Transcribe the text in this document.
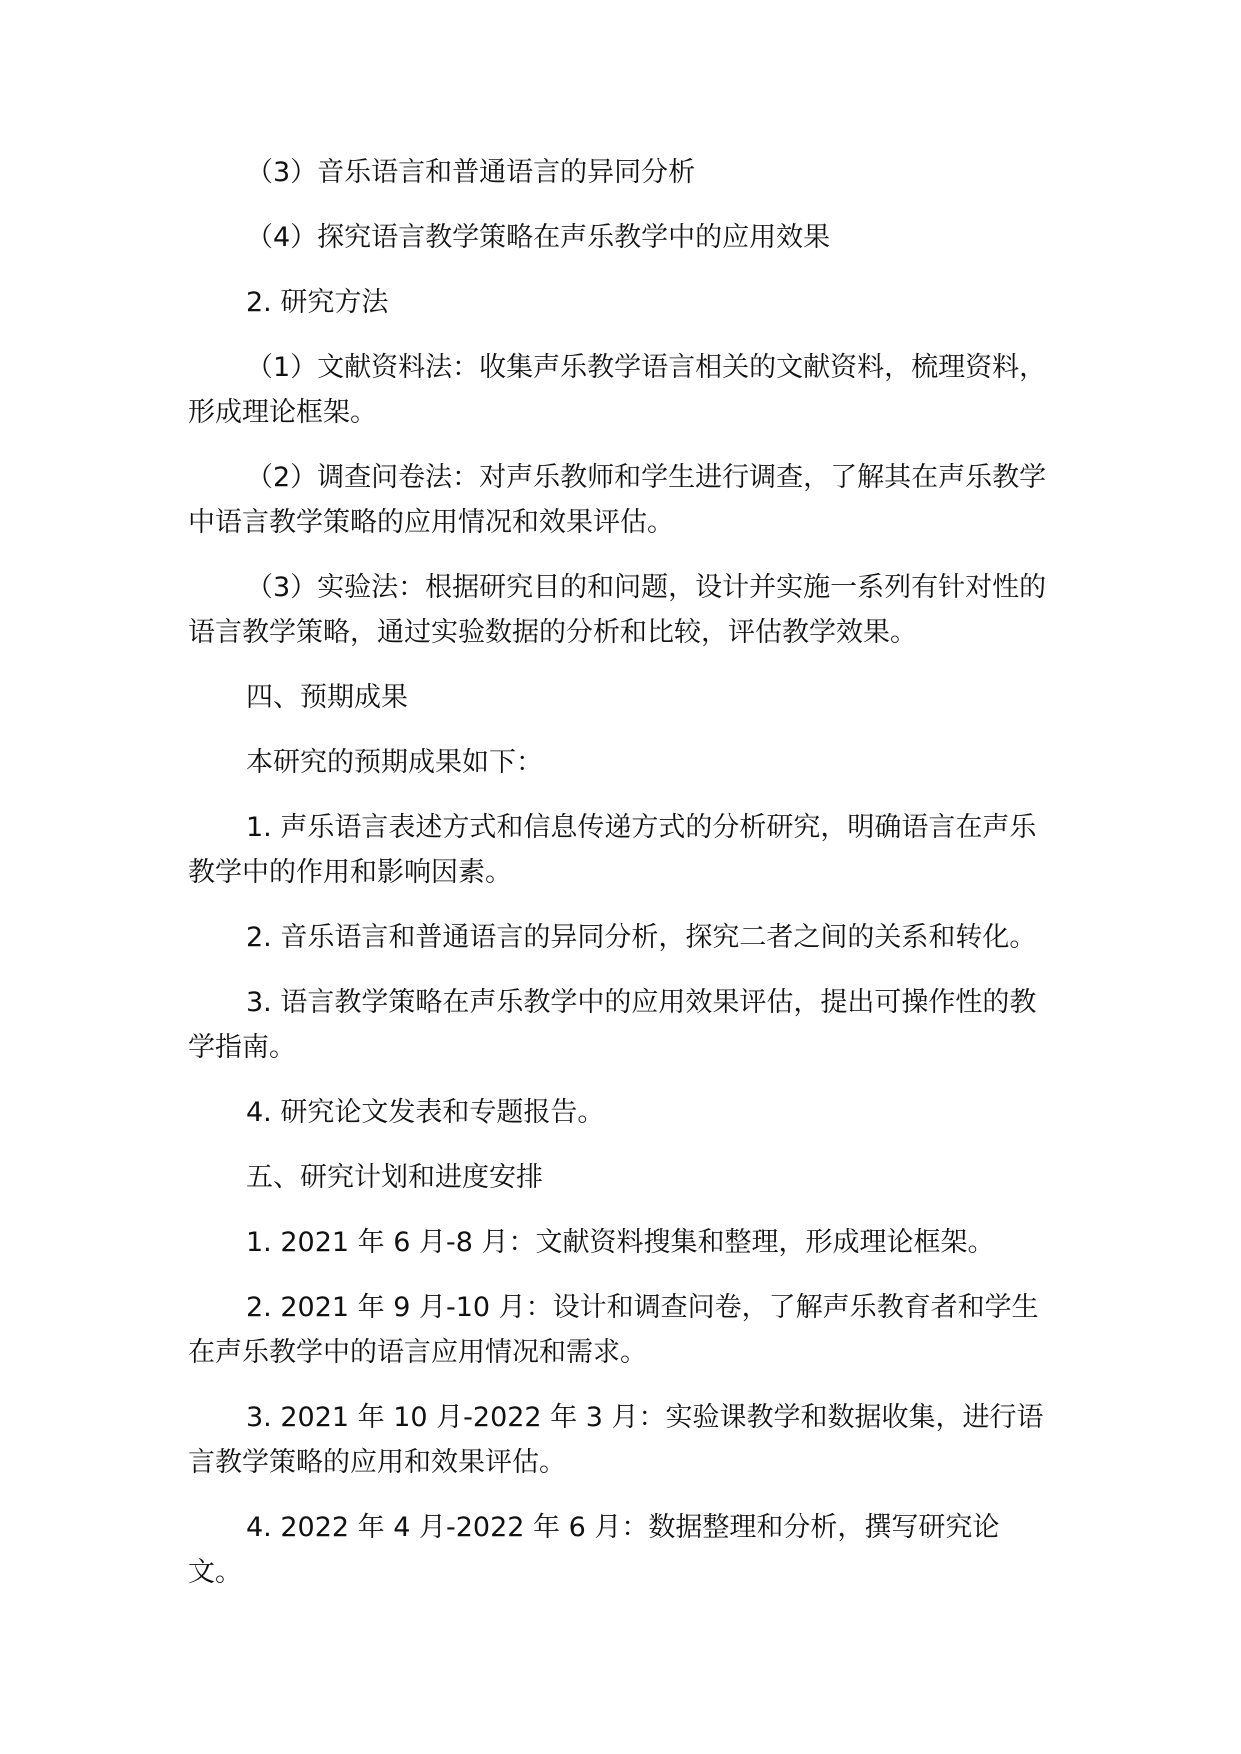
（3）音乐语言和普通语言的异同分析

（4）探究语言教学策略在声乐教学中的应用效果

2. 研究方法

（1）文献资料法：收集声乐教学语言相关的文献资料，梳理资料，形成理论框架。

（2）调查问卷法：对声乐教师和学生进行调查，了解其在声乐教学中语言教学策略的应用情况和效果评估。

（3）实验法：根据研究目的和问题，设计并实施一系列有针对性的语言教学策略，通过实验数据的分析和比较，评估教学效果。

四、预期成果

本研究的预期成果如下：

1. 声乐语言表述方式和信息传递方式的分析研究，明确语言在声乐教学中的作用和影响因素。

2. 音乐语言和普通语言的异同分析，探究二者之间的关系和转化。

3. 语言教学策略在声乐教学中的应用效果评估，提出可操作性的教学指南。

4. 研究论文发表和专题报告。

五、研究计划和进度安排

1. 2021 年 6 月-8 月：文献资料搜集和整理，形成理论框架。

2. 2021 年 9 月-10 月：设计和调查问卷，了解声乐教育者和学生在声乐教学中的语言应用情况和需求。

3. 2021 年 10 月-2022 年 3 月：实验课教学和数据收集，进行语言教学策略的应用和效果评估。

4. 2022 年 4 月-2022 年 6 月：数据整理和分析，撰写研究论文。
